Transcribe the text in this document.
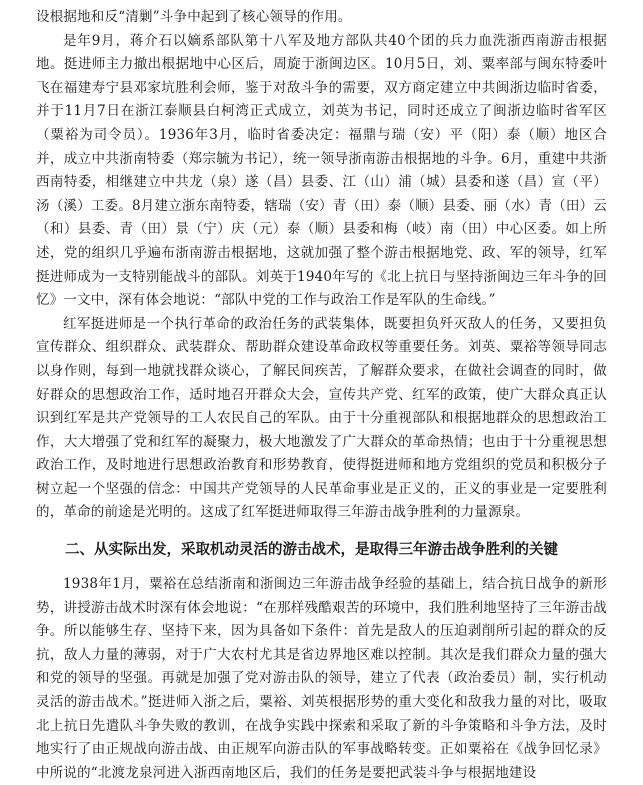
设根据地和反“清剿”斗争中起到了核心领导的作用。

是年9月，蒋介石以嫡系部队第十八军及地方部队共40个团的兵力血洗浙西南游击根据地。挺进师主力撤出根据地中心区后，周旋于浙闽边区。10月5日，刘、粟率部与闽东特委叶飞在福建寿宁县邓家坑胜利会师，鉴于对敌斗争的需要，双方商定建立中共闽浙边临时省委，并于11月7日在浙江泰顺县白柯湾正式成立，刘英为书记，同时还成立了闽浙边临时省军区（粟裕为司令员）。1936年3月，临时省委决定：福鼎与瑞（安）平（阳）泰（顺）地区合并，成立中共浙南特委（郑宗毓为书记），统一领导浙南游击根据地的斗争。6月，重建中共浙西南特委，相继建立中共龙（泉）遂（昌）县委、江（山）浦（城）县委和遂（昌）宣（平）汤（溪）工委。8月建立浙东南特委，辖瑞（安）青（田）泰（顺）县委、丽（水）青（田）云（和）县委、青（田）景（宁）庆（元）泰（顺）县委和梅（岐）南（田）中心区委。如上所述，党的组织几乎遍布浙南游击根据地，这就加强了整个游击根据地党、政、军的领导，红军挺进师成为一支特别能战斗的部队。刘英于1940年写的《北上抗日与坚持浙闽边三年斗争的回忆》一文中，深有体会地说：“部队中党的工作与政治工作是军队的生命线。”

红军挺进师是一个执行革命的政治任务的武装集体，既要担负歼灭敌人的任务，又要担负宣传群众、组织群众、武装群众、帮助群众建设革命政权等重要任务。刘英、粟裕等领导同志以身作则，每到一地就找群众谈心，了解民间疾苦，了解群众要求，在做社会调查的同时，做好群众的思想政治工作，适时地召开群众大会，宣传共产党、红军的政策，使广大群众真正认识到红军是共产党领导的工人农民自己的军队。由于十分重视部队和根据地群众的思想政治工作，大大增强了党和红军的凝聚力，极大地激发了广大群众的革命热情；也由于十分重视思想政治工作，及时地进行思想政治教育和形势教育，使得挺进师和地方党组织的党员和积极分子树立起一个坚强的信念：中国共产党领导的人民革命事业是正义的，正义的事业是一定要胜利的，革命的前途是光明的。这成了红军挺进师取得三年游击战争胜利的力量源泉。

二、从实际出发，采取机动灵活的游击战术，是取得三年游击战争胜利的关键

1938年1月，粟裕在总结浙南和浙闽边三年游击战争经验的基础上，结合抗日战争的新形势，讲授游击战术时深有体会地说：“在那样残酷艰苦的环境中，我们胜利地坚持了三年游击战争。所以能够生存、坚持下来，因为具备如下条件：首先是敌人的压迫剥削所引起的群众的反抗，敌人力量的薄弱，对于广大农村尤其是省边界地区难以控制。其次是我们群众力量的强大和党的领导的坚强。再就是加强了党对游击队的领导，建立了代表（政治委员）制，实行机动灵活的游击战术。”挺进师入浙之后，粟裕、刘英根据形势的重大变化和敌我力量的对比，吸取北上抗日先遣队斗争失败的教训，在战争实践中探索和采取了新的斗争策略和斗争方法，及时地实行了由正规战向游击战、由正规军向游击队的军事战略转变。正如粟裕在《战争回忆录》中所说的“北渡龙泉河进入浙西南地区后，我们的任务是要把武装斗争与根据地建设
